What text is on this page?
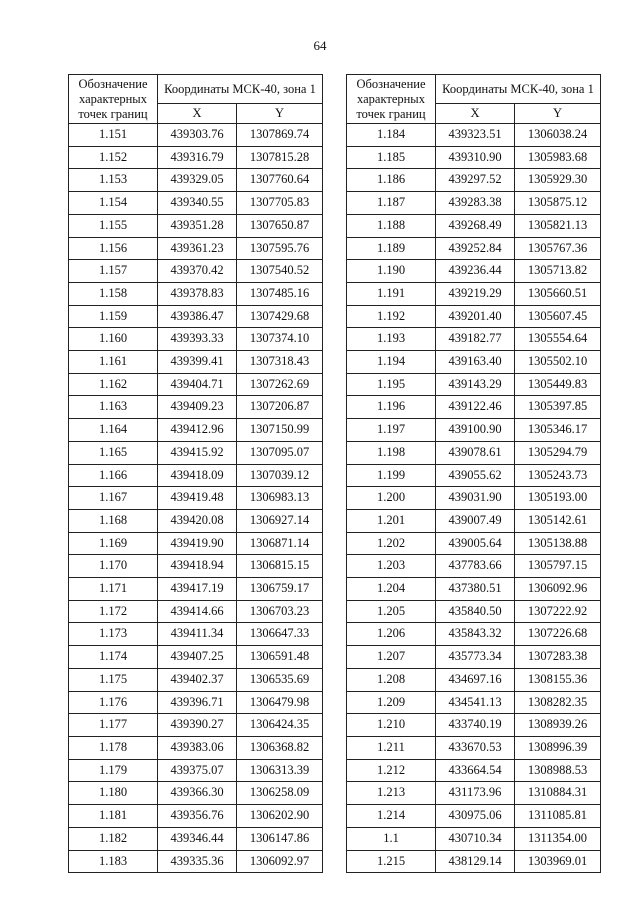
64
Обозначение характерных точек границ	Координаты МСК-40, зона 1	
	X	Y
1.151	439303.76	1307869.74
1.152	439316.79	1307815.28
1.153	439329.05	1307760.64
1.154	439340.55	1307705.83
1.155	439351.28	1307650.87
1.156	439361.23	1307595.76
1.157	439370.42	1307540.52
1.158	439378.83	1307485.16
1.159	439386.47	1307429.68
1.160	439393.33	1307374.10
1.161	439399.41	1307318.43
1.162	439404.71	1307262.69
1.163	439409.23	1307206.87
1.164	439412.96	1307150.99
1.165	439415.92	1307095.07
1.166	439418.09	1307039.12
1.167	439419.48	1306983.13
1.168	439420.08	1306927.14
1.169	439419.90	1306871.14
1.170	439418.94	1306815.15
1.171	439417.19	1306759.17
1.172	439414.66	1306703.23
1.173	439411.34	1306647.33
1.174	439407.25	1306591.48
1.175	439402.37	1306535.69
1.176	439396.71	1306479.98
1.177	439390.27	1306424.35
1.178	439383.06	1306368.82
1.179	439375.07	1306313.39
1.180	439366.30	1306258.09
1.181	439356.76	1306202.90
1.182	439346.44	1306147.86
1.183	439335.36	1306092.97
Обозначение характерных точек границ	Координаты МСК-40, зона 1	
	X	Y
1.184	439323.51	1306038.24
1.185	439310.90	1305983.68
1.186	439297.52	1305929.30
1.187	439283.38	1305875.12
1.188	439268.49	1305821.13
1.189	439252.84	1305767.36
1.190	439236.44	1305713.82
1.191	439219.29	1305660.51
1.192	439201.40	1305607.45
1.193	439182.77	1305554.64
1.194	439163.40	1305502.10
1.195	439143.29	1305449.83
1.196	439122.46	1305397.85
1.197	439100.90	1305346.17
1.198	439078.61	1305294.79
1.199	439055.62	1305243.73
1.200	439031.90	1305193.00
1.201	439007.49	1305142.61
1.202	439005.64	1305138.88
1.203	437783.66	1305797.15
1.204	437380.51	1306092.96
1.205	435840.50	1307222.92
1.206	435843.32	1307226.68
1.207	435773.34	1307283.38
1.208	434697.16	1308155.36
1.209	434541.13	1308282.35
1.210	433740.19	1308939.26
1.211	433670.53	1308996.39
1.212	433664.54	1308988.53
1.213	431173.96	1310884.31
1.214	430975.06	1311085.81
1.1	430710.34	1311354.00
1.215	438129.14	1303969.01
